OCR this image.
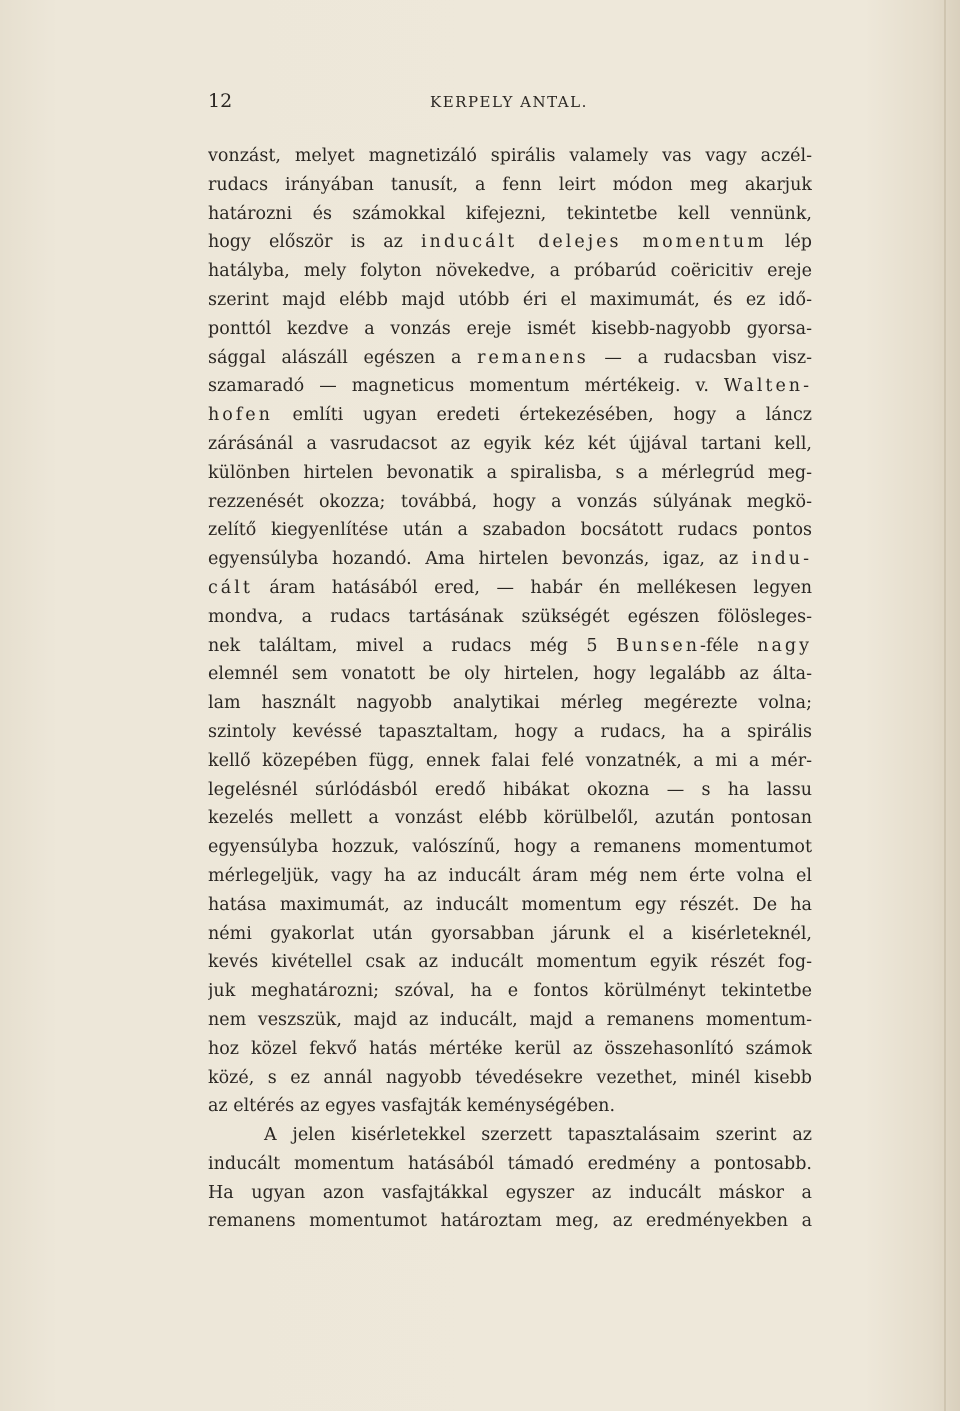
12	KERPELY ANTAL.
vonzást, melyet magnetizáló spirális valamely vas vagy aczél-
rudacs irányában tanusít, a fenn leirt módon meg akarjuk
határozni és számokkal kifejezni, tekintetbe kell vennünk,
hogy először is az inducált delejes momentum lép
hatályba, mely folyton növekedve, a próbarúd coëricitiv ereje
szerint majd elébb majd utóbb éri el maximumát, és ez idő-
ponttól kezdve a vonzás ereje ismét kisebb-nagyobb gyorsa-
sággal alászáll egészen a remanens — a rudacsban visz-
szamaradó — magneticus momentum mértékeig. v. Walten-
hofen említi ugyan eredeti értekezésében, hogy a láncz
zárásánál a vasrudacsot az egyik kéz két újjával tartani kell,
különben hirtelen bevonatik a spiralisba, s a mérlegrúd meg-
rezzenését okozza; továbbá, hogy a vonzás súlyának megkö-
zelítő kiegyenlítése után a szabadon bocsátott rudacs pontos
egyensúlyba hozandó. Ama hirtelen bevonzás, igaz, az indu-
cált áram hatásából ered, — habár én mellékesen legyen
mondva, a rudacs tartásának szükségét egészen fölösleges-
nek találtam, mivel a rudacs még 5 Bunsen-féle nagy
elemnél sem vonatott be oly hirtelen, hogy legalább az álta-
lam használt nagyobb analytikai mérleg megérezte volna;
szintoly kevéssé tapasztaltam, hogy a rudacs, ha a spirális
kellő közepében függ, ennek falai felé vonzatnék, a mi a mér-
legelésnél súrlódásból eredő hibákat okozna — s ha lassu
kezelés mellett a vonzást elébb körülbelől, azután pontosan
egyensúlyba hozzuk, valószínű, hogy a remanens momentumot
mérlegeljük, vagy ha az inducált áram még nem érte volna el
hatása maximumát, az inducált momentum egy részét. De ha
némi gyakorlat után gyorsabban járunk el a kisérleteknél,
kevés kivétellel csak az inducált momentum egyik részét fog-
juk meghatározni; szóval, ha e fontos körülményt tekintetbe
nem veszszük, majd az inducált, majd a remanens momentum-
hoz közel fekvő hatás mértéke kerül az összehasonlító számok
közé, s ez annál nagyobb tévedésekre vezethet, minél kisebb
az eltérés az egyes vasfajták keménységében.
A jelen kisérletekkel szerzett tapasztalásaim szerint az
inducált momentum hatásából támadó eredmény a pontosabb.
Ha ugyan azon vasfajtákkal egyszer az inducált máskor a
remanens momentumot határoztam meg, az eredményekben a
